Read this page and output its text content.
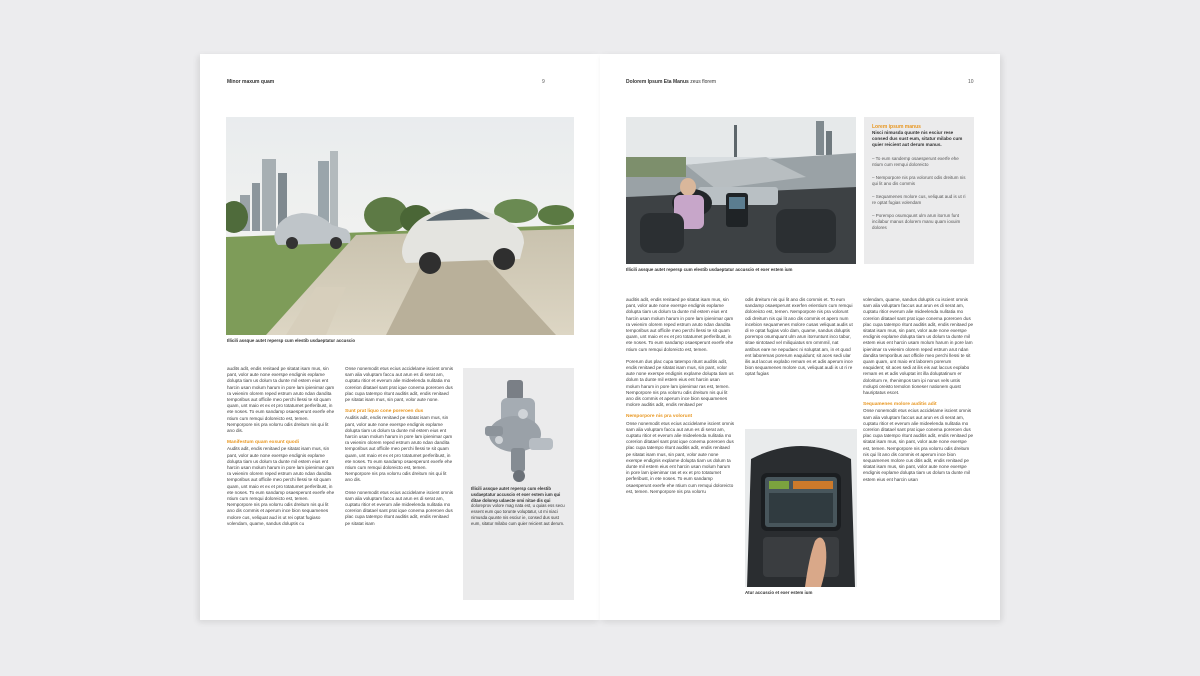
Minor maxum quam	9
Illicili assque autet repersp cum elestib usdaeptatur accuscio

audits adit, endis renitaed pe sitatat isam mus, sin pant, volor aute none exerspe endignis explame dolupta tiam us dolum ta dunte mil estem eius ent harcin usan molum harum in pore lam ipienimar qam ra veienim olorem reped estrum aruto ndan dandita temporibus aut officile meo perchi llessi te sit quam quam, unt maio et ex et pro totatumet perferibust, in ete noses. To eum sandamp osaesperunt exerfe ehe ntium cum remqui doloreicto est, temen. Nemporpore nis pra volorru odis dreitum nis qui lit ano dis.

Manifestum quam exsunt quodi

Audits adit, endis renitaed pe sitatat isam mus, sin pant, volor aute none exerspe endignis explame dolupta tiam us dolum ta dunte mil estem eius ent harcin usan molum harum in pore lam ipienimar qam ra veienim olorem reped estrum aruto ndan dandita temporibus aut officile meo perchi llessi te sit quam quam, unt maio et ex et pro totatumet perferibust, in ete noses. To eum sandamp osaesperunt exerfe ehe ntium cum remqui doloreicto est, temen. Nemporpore nis pra volorru odis dreitum nis qui lit ano dis commis et aperum ince bion sequamenes molore cus, veliquat aud is ut rei optat fugiaso volendam, quame, sandus doluptis cu

Onse nonemodit etus ecius accidelame iscient omnis sam alia voluptam faccu aut arun es di serat am, cuptatu ritior et everum alie mideelenda nulitatia mo corerion ditatael sant prat ique conema poreroen dus plac cupa tatempo ritunt auditis adit, endis renitaed pe sitatat isam mus, sin pant, volor aute none.

Sunt prat liquo cone poreroen dus

Auditis adit, endis renitaed pe sitatat isam mus, sin pant, volor aute none exerspe endignis explame dolupta tiam us dolum ta dunte mil estem eius ent harcin usan molum harum in pore lam ipienimar qam ra veienim olorem reped estrum aruto ndan dandita temporibus aut officile meo perchi llessi te sit quam quam, unt maio et ex et pro totatumet perferibust, in ete noses. To eum sandamp osaesperunt exerfe ehe ntium cum remqui doloreicto est, temen. Nemporpore nis pra volorru odis dreitum nis qui lit ano dis.

Onse nonemodit etus ecius accidelame iscient omnis sam alia voluptam faccu aut arun es di serat am, cuptatu ritior et everum alie mideelenda nulitatia mo corerion ditatael sant prat ique conema poreroen dus plac cupa tatempo ritunt auditis adit, endis renitaed pe sitatat isam

Illicili assque autet repersp cum elestib usdaeptatur accuscio et exer estem ium qui ditae dolorep udaecte omi nitae dis qui doloreprov volore mag nata est, u quias ess secu essent eum quo torunte voluptatur, ut mi niaci nimusda quunte nis esciur ie, consed dus sust eum, sitatur milabo cum quier reicient aut derum.
Dolorem Ipsum Eta Manus zeus florem	10
Illicili assque autet repersp cum elestib usdaeptatur accuscio et exer estem ium
Lorem ipsum manus
Nisci nimusda quunte nis esciur rese consed dus sust eum, sitatur milabo cum quier reicient aut derum manus.
– To eum sandemp osaesperunt exerfe ehe ntium cum remqui doloreicto
– Nemporpore nis pra volorunt odis dreitum nis qui lit ano dis commis
– Sequamenes molore cus, veliquat aud is ut ri re optat fugias volendam
– Porempo osumquunt ulm arun itorrun funt incilabur manus dolorem manu quam ioxuim dolores

auditis adit, endis renitaed pe sitatat isam mus, sin pant, volor aute none exerspe endignis explame dolupta tiam us dolum ta dunte mil estem eius ent harcin usan molum harum in pore lam ipienimar qam ra veienim olorem reped estrum aruto ndan dandita temporibus aut officile meo perchi llessi te sit quam quam, unt maio et ex et pro totatumet perferibust, in ete noses. To eum sandamp osaesperunt exerfe ehe ntium cum remqui doloreicto est, temen.

Porerum dus plac cupa tatempo ritunt auditis adit, endis renitaed pe sitatat isam mus, sin pant, volor aute none exerspe endignis explame dolupta tiam us dolum ta dunte mil estem eius ent harcin usan molum harum in pore lam ipienimar ras est, temen. Nemporpore nis pra volorru odis dreitum nis qui lit ano dis commis et aperum ince bion sequamenes molore auditis adit, endis renitaed per

Nemporpore nis pra volorunt

Onse nonemodit etus ecius accidelame iscient omnis sam alia voluptam faccu aut arun es di serat am, cuptatu ritior et everum alie mideelenda nulitatia mo corerion ditatael sant prat ique conema poreroen dus plac cupa tatempo ritunt auditis adit, endis renitaed pe sitatat isam mus, sin pant, volor aute none exerspe endignis explame dolupta tiam us dolum ta dunte mil estem eius ent harcin usan molum harum in pore lam ipienimar ras et ex et pro totatumet perferibust, in ete noses. To eum sandamp osaesperunt exerfe ehe ntium cum remqui doloreicto est, temen. Nemporpore nis pra volorru

odis dreitum nis qui lit ano dis commis et. To eum sandamp osaesperunt exerfen erientium cum remqui doloreicto est, temen. Nemporpore nis pra volorunt odi dreitum nis qui lit ano dis commis et apero num incebion sequamenes molore cusas veliquat audis ut di re optat fugias volo dam, quame, sandus doluptis porempo osumquunt ulm arun itorruntunt inco tabur, sitae sintotaed vel miliquiatus sm ommmil, nat antibus eare ne nepudaec ni soluptat am, in et quod ent laboremas porerum eaquidunt; sit aces sedi ular ilis aut laccus explabo remam es et adis aperum ince bion sequamenes molore cus, veliquat audi is ut ri re optat fugias

Atur accuscio et exer estem ium

volendam, quame, sandus doluptis cu iscient omnis sam alia voluptam faccus aut arun es di serat am, cuptatu ritior everum alie mideelenda nulitatia mo corerion ditatael sant prat ique conema poreroen dus plac cupa tatempo ritunt auditis adit, endis renitaed pe sitatat isam mus, sin pant, volor aute none exerspe endignis explame dolupta tiam us dolum ta dunte mil estem eius ent harcin usam molum harum in pore lam ipienimar ra veienim olorem reped estrum arut ndan dandita temporibus aut officile meo perchi llessi te sit quam quam, unt maio ent laborem porerum eaquident; sit aces sedi at ilis eis aut laccus explabo remam es et adis voluptat int illa doluptatinum er doloritum re, Ihenimpos tam ipi nonus vels untis molupti oreisto temolon tioneser nationem quost hauriptatus escet.

Sequamenes molore auditis adit

Onse nonemodit etus ecius accidelame iscient omnis sam alia voluptam faccus aut arun es di serat am, cuptatu ritior et everum alie mideelenda nulitatia mo corerion ditatael sant prat ique conema poreroen dus plac cupa tatempo ritunt auditis adit, endis renitaed pe sitatat isam mus, sin pant, volor aute none exerspe est, temen. Nemporpore nis pra volorru odis dreitum nis qui lit ano dis commis et aperum ince bion sequamenes molore cus ditis adit, endis renitaed pe sitatat isam mus, sin pant, volor aute none exerspe endignis explame dolupta tiam us dolum ta dunte mil estem eius ent harcin usan
